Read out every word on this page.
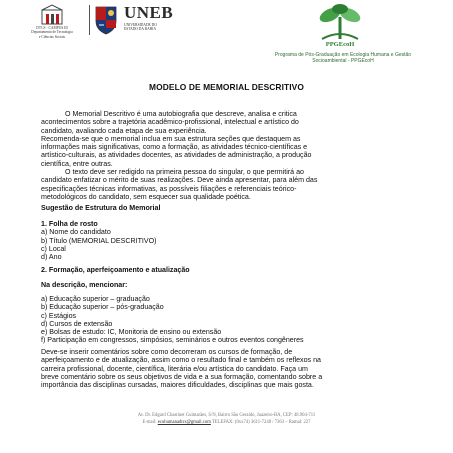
DTCS - CAMPUS III
Departamento de Tecnologia
e Ciências Sociais
UNEB
UNIVERSIDADE DO
ESTADO DA BAHIA
PPGEcoH
Programa de Pós-Graduação em Ecologia Humana e Gestão
Socioambiental - PPGEcoH
MODELO DE MEMORIAL DESCRITIVO
O Memorial Descritivo é uma autobiografia que descreve, analisa e critica
acontecimentos sobre a trajetória acadêmico-profissional, intelectual e artístico do
candidato, avaliando cada etapa de sua experiência.
Recomenda-se que o memorial inclua em sua estrutura seções que destaquem as
informações mais significativas, como a formação, as atividades técnico-científicas e
artístico-culturais, as atividades docentes, as atividades de administração, a produção
científica, entre outras.
O texto deve ser redigido na primeira pessoa do singular, o que permitirá ao
candidato enfatizar o mérito de suas realizações. Deve ainda apresentar, para além das
especificações técnicas informativas, as possíveis filiações e referenciais teórico-
metodológicos do candidato, sem esquecer sua qualidade poética.
Sugestão de Estrutura do Memorial
1. Folha de rosto
a) Nome do candidato
b) Título (MEMORIAL DESCRITIVO)
c) Local
d) Ano
2. Formação, aperfeiçoamento e atualização
Na descrição, mencionar:
a) Educação superior – graduação
b) Educação superior – pós-graduação
c) Estágios
d) Cursos de extensão
e) Bolsas de estudo: IC, Monitoria de ensino ou extensão
f) Participação em congressos, simpósios, seminários e outros eventos congêneres
Deve-se inserir comentários sobre como decorreram os cursos de formação, de
aperfeiçoamento e de atualização, assim como o resultado final e também os reflexos na
carreira profissional, docente, científica, literária e/ou artística do candidato. Faça um
breve comentário sobre os seus objetivos de vida e a sua formação, comentando sobre a
importância das disciplinas cursadas, maiores dificuldades, disciplinas que mais gosta.
Av. Dr. Edgard Chastinet Guimarães, S/N, Bairro São Geraldo, Juazeiro-BA, CEP: 48.904-711
E-mail: ecohumanadtcs@gmail.com TELEFAX: (0xx74) 3611-7248 / 7363 – Ramal: 227
